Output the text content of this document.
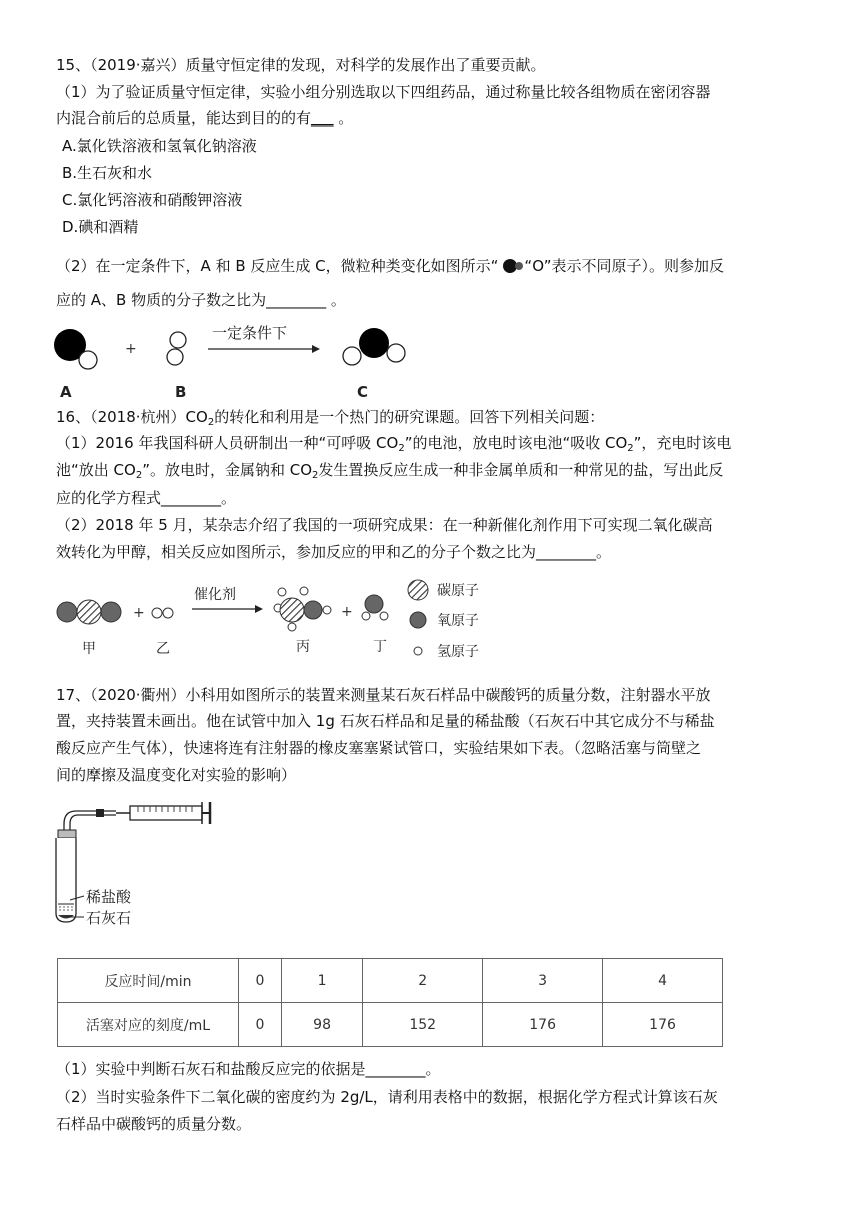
15、（2019·嘉兴）质量守恒定律的发现，对科学的发展作出了重要贡献。
（1）为了验证质量守恒定律，实验小组分别选取以下四组药品，通过称量比较各组物质在密闭容器
内混合前后的总质量，能达到目的的有___ 。
A.氯化铁溶液和氢氧化钠溶液
B.生石灰和水
C.氯化钙溶液和硝酸钾溶液
D.碘和酒精
（2）在一定条件下，A 和 B 反应生成 C，微粒种类变化如图所示“ “O”表示不同原子）。则参加反
应的 A、B 物质的分子数之比为________ 。
+
一定条件下
A	B	C
16、（2018·杭州）$CO_2$的转化和利用是一个热门的研究课题。回答下列相关问题：
（1）2016 年我国科研人员研制出一种“可呼吸 $CO_2$”的电池，放电时该电池“吸收 $CO_2$”，充电时该电
池“放出 $CO_2$”。放电时，金属钠和 $CO_2$发生置换反应生成一种非金属单质和一种常见的盐，写出此反
应的化学方程式________。
（2）2018 年 5 月，某杂志介绍了我国的一项研究成果：在一种新催化剂作用下可实现二氧化碳高
效转化为甲醇，相关反应如图所示，参加反应的甲和乙的分子个数之比为________。
+
催化剂
+
甲	乙	丙	丁
碳原子
氧原子
氢原子
17、（2020·衢州）小科用如图所示的装置来测量某石灰石样品中碳酸钙的质量分数，注射器水平放
置，夹持装置未画出。他在试管中加入 1g 石灰石样品和足量的稀盐酸（石灰石中其它成分不与稀盐
酸反应产生气体），快速将连有注射器的橡皮塞塞紧试管口，实验结果如下表。（忽略活塞与筒壁之
间的摩擦及温度变化对实验的影响）
稀盐酸
石灰石
反应时间/min	0	1	2	3	4
活塞对应的刻度/mL	0	98	152	176	176
（1）实验中判断石灰石和盐酸反应完的依据是________。
（2）当时实验条件下二氧化碳的密度约为 2g/L，请利用表格中的数据，根据化学方程式计算该石灰
石样品中碳酸钙的质量分数。
